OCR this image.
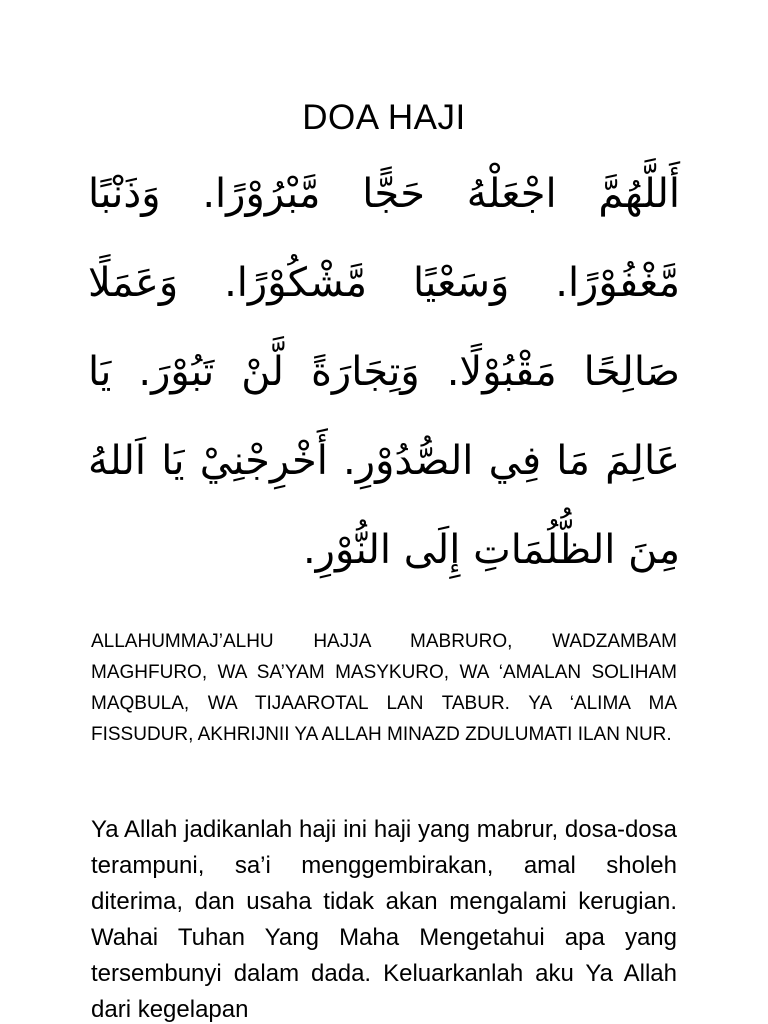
DOA HAJI

أَللَّهُمَّ اجْعَلْهُ حَجًّا مَّبْرُوْرًا. وَذَنْبًا مَّغْفُوْرًا. وَسَعْيًا مَّشْكُوْرًا. وَعَمَلًا صَالِحًا مَقْبُوْلًا. وَتِجَارَةً لَّنْ تَبُوْرَ. يَا عَالِمَ مَا فِي الصُّدُوْرِ. أَخْرِجْنِيْ يَا اَللهُ مِنَ الظُّلُمَاتِ إِلَى النُّوْرِ.

ALLAHUMMAJ’ALHU HAJJA MABRURO, WADZAMBAM MAGHFURO, WA SA’YAM MASYKURO, WA ‘AMALAN SOLIHAM MAQBULA, WA TIJAAROTAL LAN TABUR. YA ‘ALIMA MA FISSUDUR, AKHRIJNII YA ALLAH MINAZD ZDULUMATI ILAN NUR.

Ya Allah jadikanlah haji ini haji yang mabrur, dosa-dosa terampuni, sa’i menggembirakan, amal sholeh diterima, dan usaha tidak akan mengalami kerugian. Wahai Tuhan Yang Maha Mengetahui apa yang tersembunyi dalam dada. Keluarkanlah aku Ya Allah dari kegelapan
